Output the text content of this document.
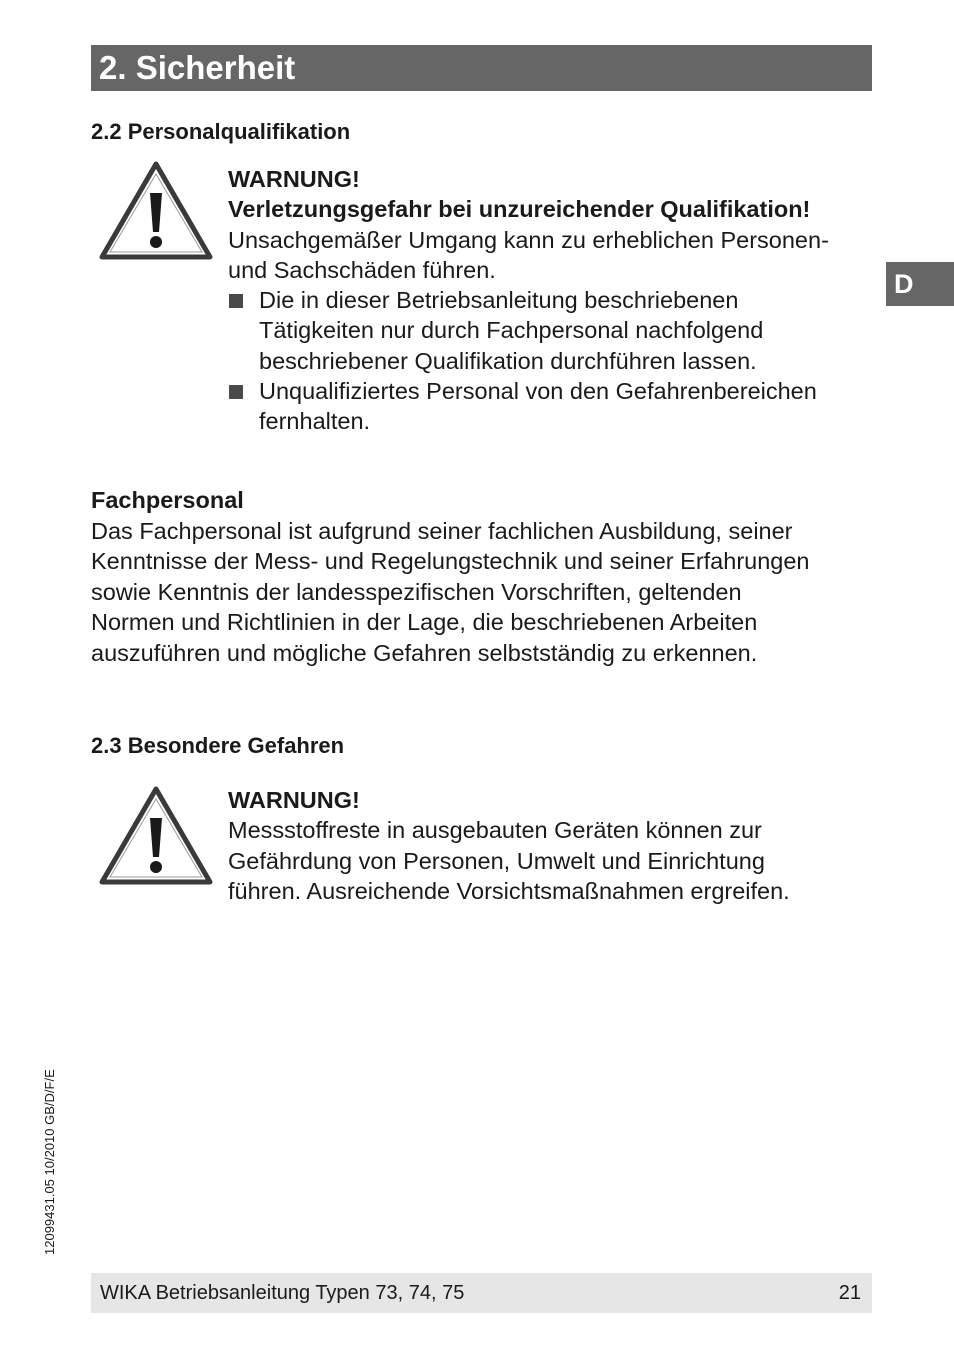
2. Sicherheit
D
2.2 Personalqualifikation
WARNUNG!
Verletzungsgefahr bei unzureichender Qualifikation!
Unsachgemäßer Umgang kann zu erheblichen Personen-
und Sachschäden führen.
Die in dieser Betriebsanleitung beschriebenen
Tätigkeiten nur durch Fachpersonal nachfolgend
beschriebener Qualifikation durchführen lassen.
Unqualifiziertes Personal von den Gefahrenbereichen
fernhalten.
Fachpersonal
Das Fachpersonal ist aufgrund seiner fachlichen Ausbildung, seiner
Kenntnisse der Mess- und Regelungstechnik und seiner Erfahrungen
sowie Kenntnis der landesspezifischen Vorschriften, geltenden
Normen und Richtlinien in der Lage, die beschriebenen Arbeiten
auszuführen und mögliche Gefahren selbstständig zu erkennen.
2.3 Besondere Gefahren
WARNUNG!
Messstoffreste in ausgebauten Geräten können zur
Gefährdung von Personen, Umwelt und Einrichtung
führen. Ausreichende Vorsichtsmaßnahmen ergreifen.
12099431.05 10/2010 GB/D/F/E
WIKA Betriebsanleitung Typen 73, 74, 75	21
